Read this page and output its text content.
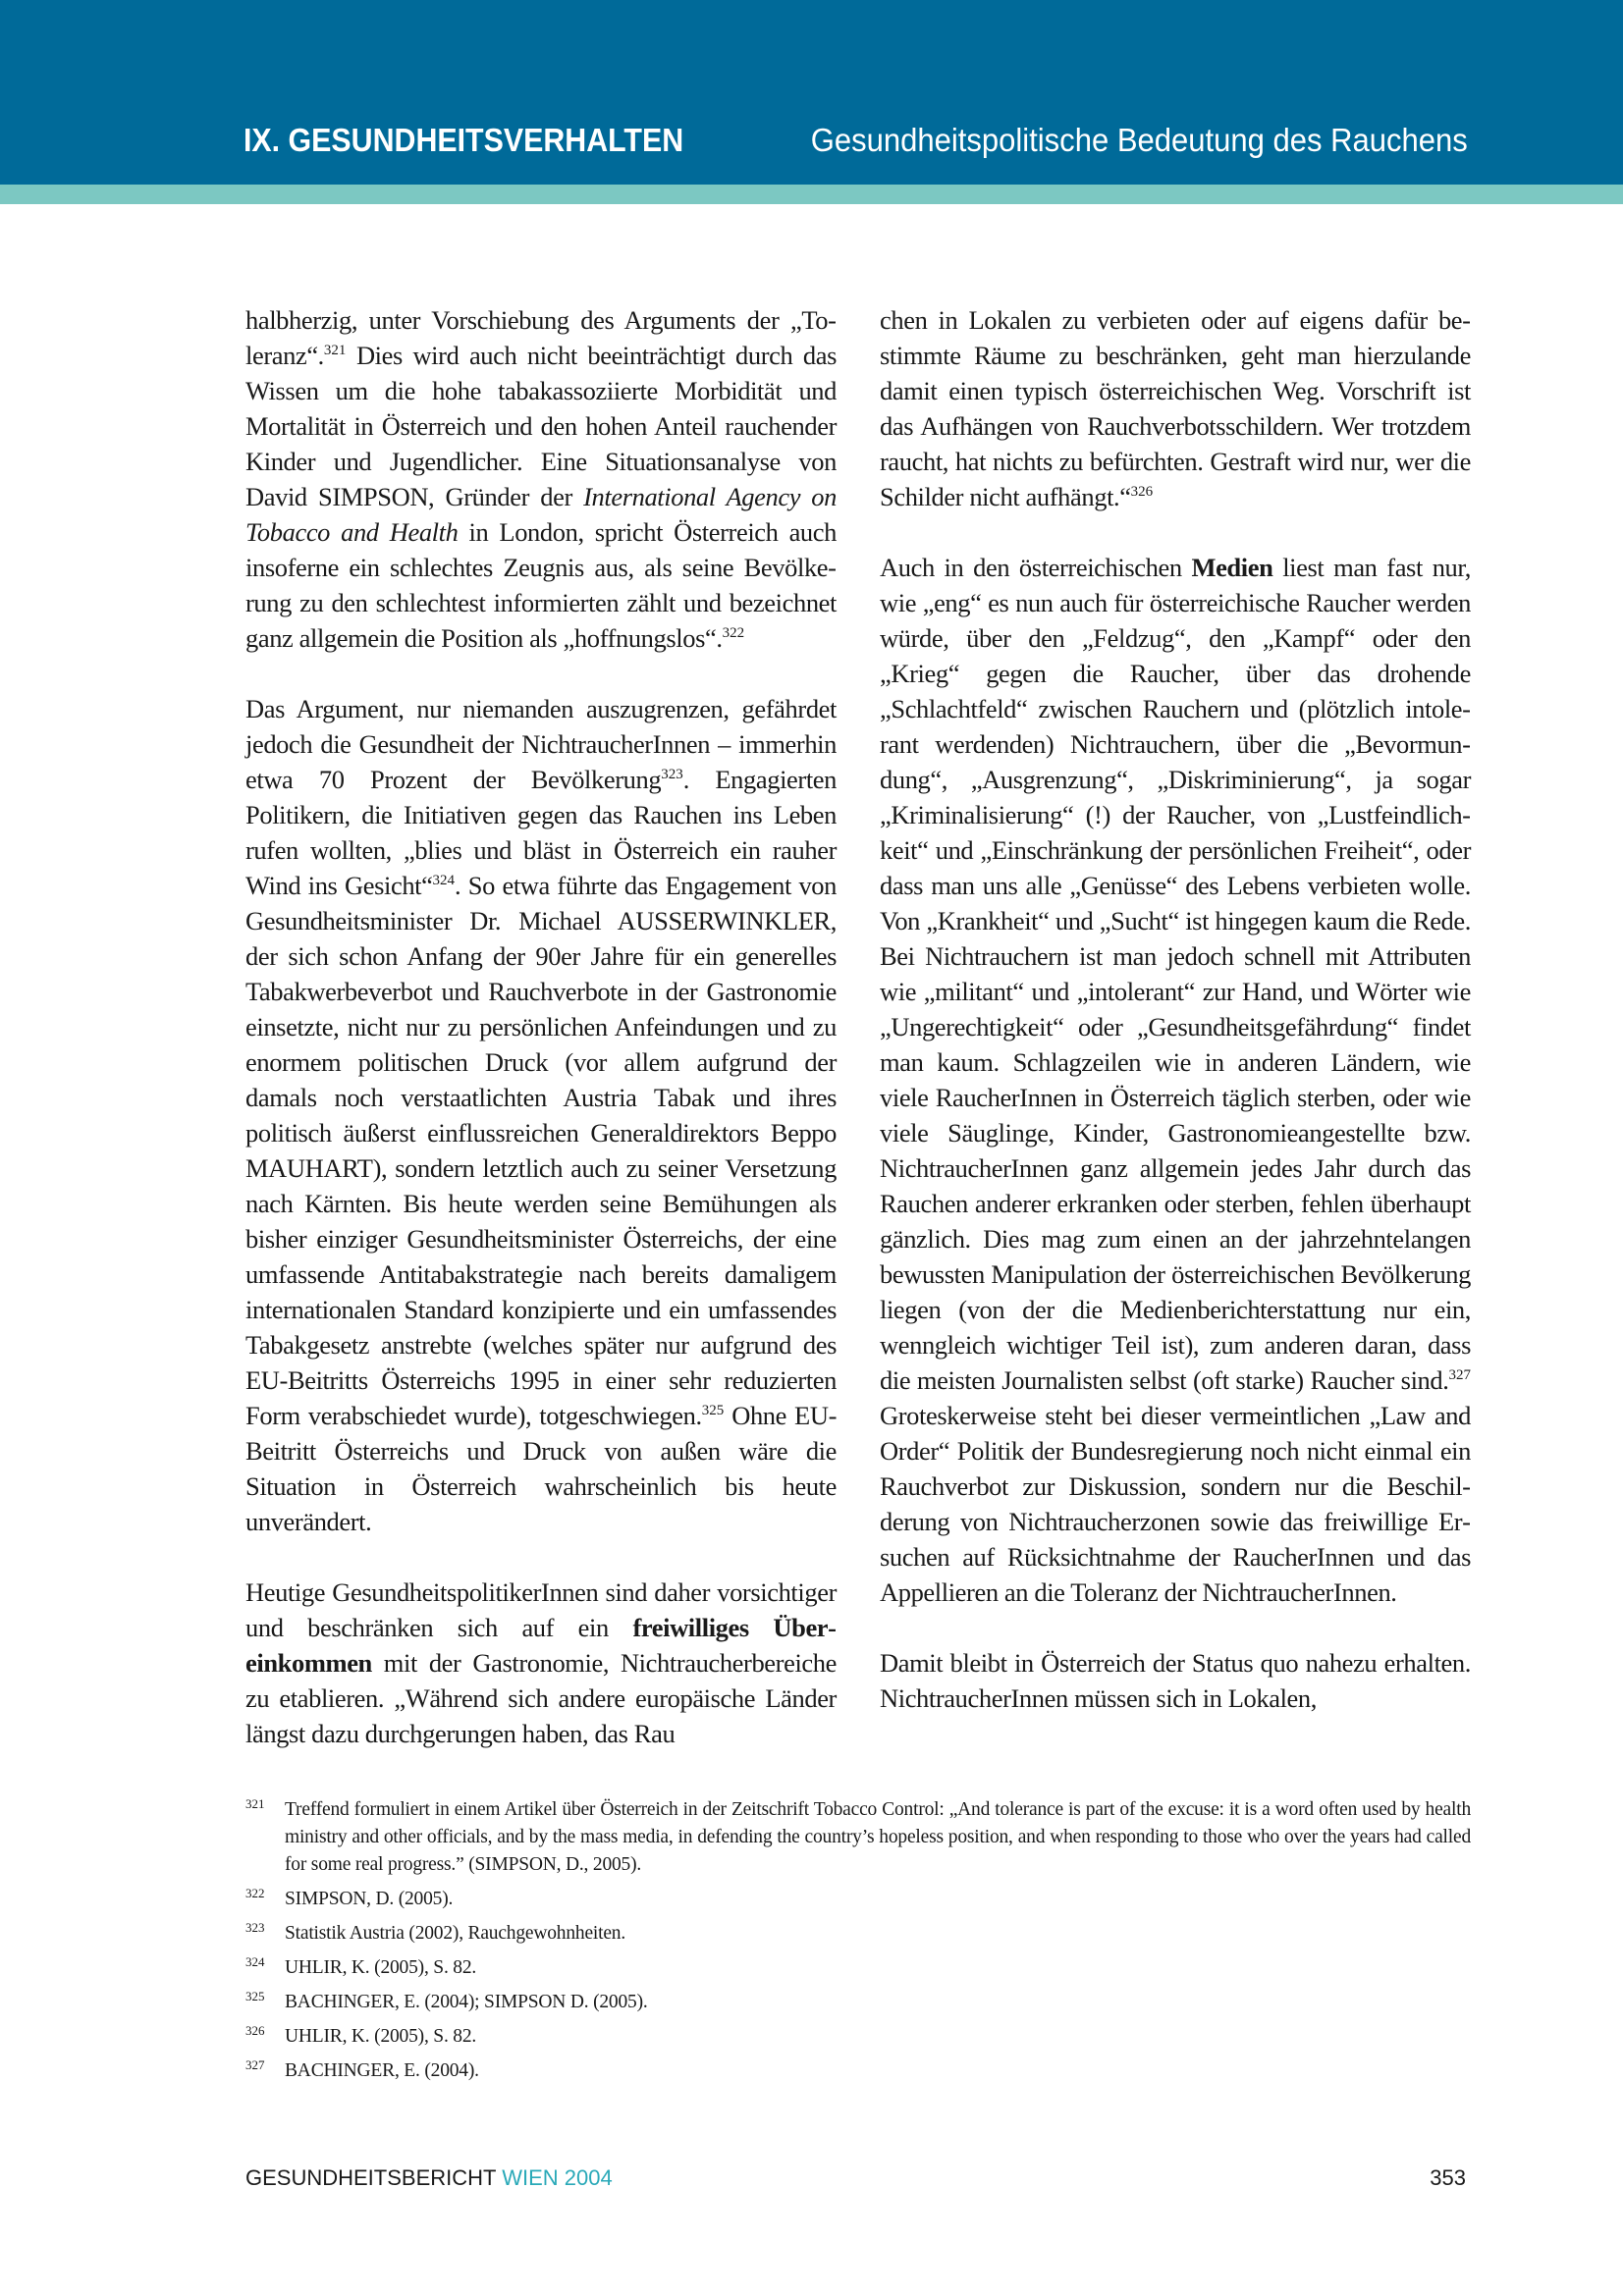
IX. GESUNDHEITSVERHALTEN	Gesundheitspolitische Bedeutung des Rauchens

halbherzig, unter Vorschiebung des Arguments der „Toleranz“.$^{321}$ Dies wird auch nicht beeinträchtigt durch das Wissen um die hohe tabakassoziierte Morbidität und Mortalität in Österreich und den hohen Anteil rauchender Kinder und Jugendlicher. Eine Situationsanalyse von David SIMPSON, Gründer der International Agency on Tobacco and Health in London, spricht Österreich auch insoferne ein schlechtes Zeugnis aus, als seine Bevölkerung zu den schlechtest informierten zählt und bezeichnet ganz allgemein die Position als „hoffnungslos“.$^{322}$

Das Argument, nur niemanden auszugrenzen, gefährdet jedoch die Gesundheit der NichtraucherInnen – immerhin etwa 70 Prozent der Bevölkerung$^{323}$. Engagierten Politikern, die Initiativen gegen das Rauchen ins Leben rufen wollten, „blies und bläst in Österreich ein rauher Wind ins Gesicht“$^{324}$. So etwa führte das Engagement von Gesundheitsminister Dr. Michael AUSSERWINKLER, der sich schon Anfang der 90er Jahre für ein generelles Tabakwerbeverbot und Rauchverbote in der Gastronomie einsetzte, nicht nur zu persönlichen Anfeindungen und zu enormem politischen Druck (vor allem aufgrund der damals noch verstaatlichten Austria Tabak und ihres politisch äußerst einflussreichen Generaldirektors Beppo MAUHART), sondern letztlich auch zu seiner Versetzung nach Kärnten. Bis heute werden seine Bemühungen als bisher einziger Gesundheitsminister Österreichs, der eine umfassende Antitabakstrategie nach bereits damaligem internationalen Standard konzipierte und ein umfassendes Tabakgesetz anstrebte (welches später nur aufgrund des EU-Beitritts Österreichs 1995 in einer sehr reduzierten Form verabschiedet wurde), totgeschwiegen.$^{325}$ Ohne EU-Beitritt Österreichs und Druck von außen wäre die Situation in Österreich wahrscheinlich bis heute unverändert.

Heutige GesundheitspolitikerInnen sind daher vorsichtiger und beschränken sich auf ein freiwilliges Übereinkommen mit der Gastronomie, Nichtraucherbereiche zu etablieren. „Während sich andere europäische Länder längst dazu durchgerungen haben, das Rau

chen in Lokalen zu verbieten oder auf eigens dafür bestimmte Räume zu beschränken, geht man hierzulande damit einen typisch österreichischen Weg. Vorschrift ist das Aufhängen von Rauchverbotsschildern. Wer trotzdem raucht, hat nichts zu befürchten. Gestraft wird nur, wer die Schilder nicht aufhängt.“$^{326}$

Auch in den österreichischen Medien liest man fast nur, wie „eng“ es nun auch für österreichische Raucher werden würde, über den „Feldzug“, den „Kampf“ oder den „Krieg“ gegen die Raucher, über das drohende „Schlachtfeld“ zwischen Rauchern und (plötzlich intolerant werdenden) Nichtrauchern, über die „Bevormundung“, „Ausgrenzung“, „Diskriminierung“, ja sogar „Kriminalisierung“ (!) der Raucher, von „Lustfeindlichkeit“ und „Einschränkung der persönlichen Freiheit“, oder dass man uns alle „Genüsse“ des Lebens verbieten wolle. Von „Krankheit“ und „Sucht“ ist hingegen kaum die Rede. Bei Nichtrauchern ist man jedoch schnell mit Attributen wie „militant“ und „intolerant“ zur Hand, und Wörter wie „Ungerechtigkeit“ oder „Gesundheitsgefährdung“ findet man kaum. Schlagzeilen wie in anderen Ländern, wie viele RaucherInnen in Österreich täglich sterben, oder wie viele Säuglinge, Kinder, Gastronomieangestellte bzw. NichtraucherInnen ganz allgemein jedes Jahr durch das Rauchen anderer erkranken oder sterben, fehlen überhaupt gänzlich. Dies mag zum einen an der jahrzehntelangen bewussten Manipulation der österreichischen Bevölkerung liegen (von der die Medienberichterstattung nur ein, wenngleich wichtiger Teil ist), zum anderen daran, dass die meisten Journalisten selbst (oft starke) Raucher sind.$^{327}$ Groteskerweise steht bei dieser vermeintlichen „Law and Order“ Politik der Bundesregierung noch nicht einmal ein Rauchverbot zur Diskussion, sondern nur die Beschilderung von Nichtraucherzonen sowie das freiwillige Ersuchen auf Rücksichtnahme der RaucherInnen und das Appellieren an die Toleranz der NichtraucherInnen.

Damit bleibt in Österreich der Status quo nahezu erhalten. NichtraucherInnen müssen sich in Lokalen,

321 Treffend formuliert in einem Artikel über Österreich in der Zeitschrift Tobacco Control: „And tolerance is part of the excuse: it is a word often used by health ministry and other officials, and by the mass media, in defending the country’s hopeless position, and when responding to those who over the years had called for some real progress.” (SIMPSON, D., 2005).
322 SIMPSON, D. (2005).
323 Statistik Austria (2002), Rauchgewohnheiten.
324 UHLIR, K. (2005), S. 82.
325 BACHINGER, E. (2004); SIMPSON D. (2005).
326 UHLIR, K. (2005), S. 82.
327 BACHINGER, E. (2004).
GESUNDHEITSBERICHT WIEN 2004	353
